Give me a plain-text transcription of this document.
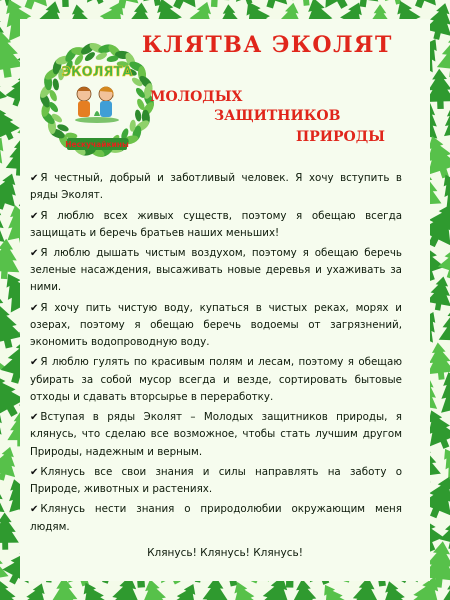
ЭКОЛЯТА
Нескучайкины
КЛЯТВА ЭКОЛЯТ
МОЛОДЫХ
ЗАЩИТНИКОВ
ПРИРОДЫ
✔ Я честный, добрый и заботливый человек. Я хочу вступить в ряды Эколят.
✔ Я люблю всех живых существ, поэтому я обещаю всегда защищать и беречь братьев наших меньших!
✔ Я люблю дышать чистым воздухом, поэтому я обещаю беречь зеленые насаждения, высаживать новые деревья и ухаживать за ними.
✔ Я хочу пить чистую воду, купаться в чистых реках, морях и озерах, поэтому я обещаю беречь водоемы от загрязнений, экономить водопроводную воду.
✔ Я люблю гулять по красивым полям и лесам, поэтому я обещаю убирать за собой мусор всегда и везде, сортировать бытовые отходы и сдавать вторсырье в переработку.
✔ Вступая в ряды Эколят – Молодых защитников природы, я клянусь, что сделаю все возможное, чтобы стать лучшим другом Природы, надежным и верным.
✔ Клянусь все свои знания и силы направлять на заботу о Природе, животных и растениях.
✔ Клянусь нести знания о природолюбии окружающим меня людям.
Клянусь! Клянусь! Клянусь!
